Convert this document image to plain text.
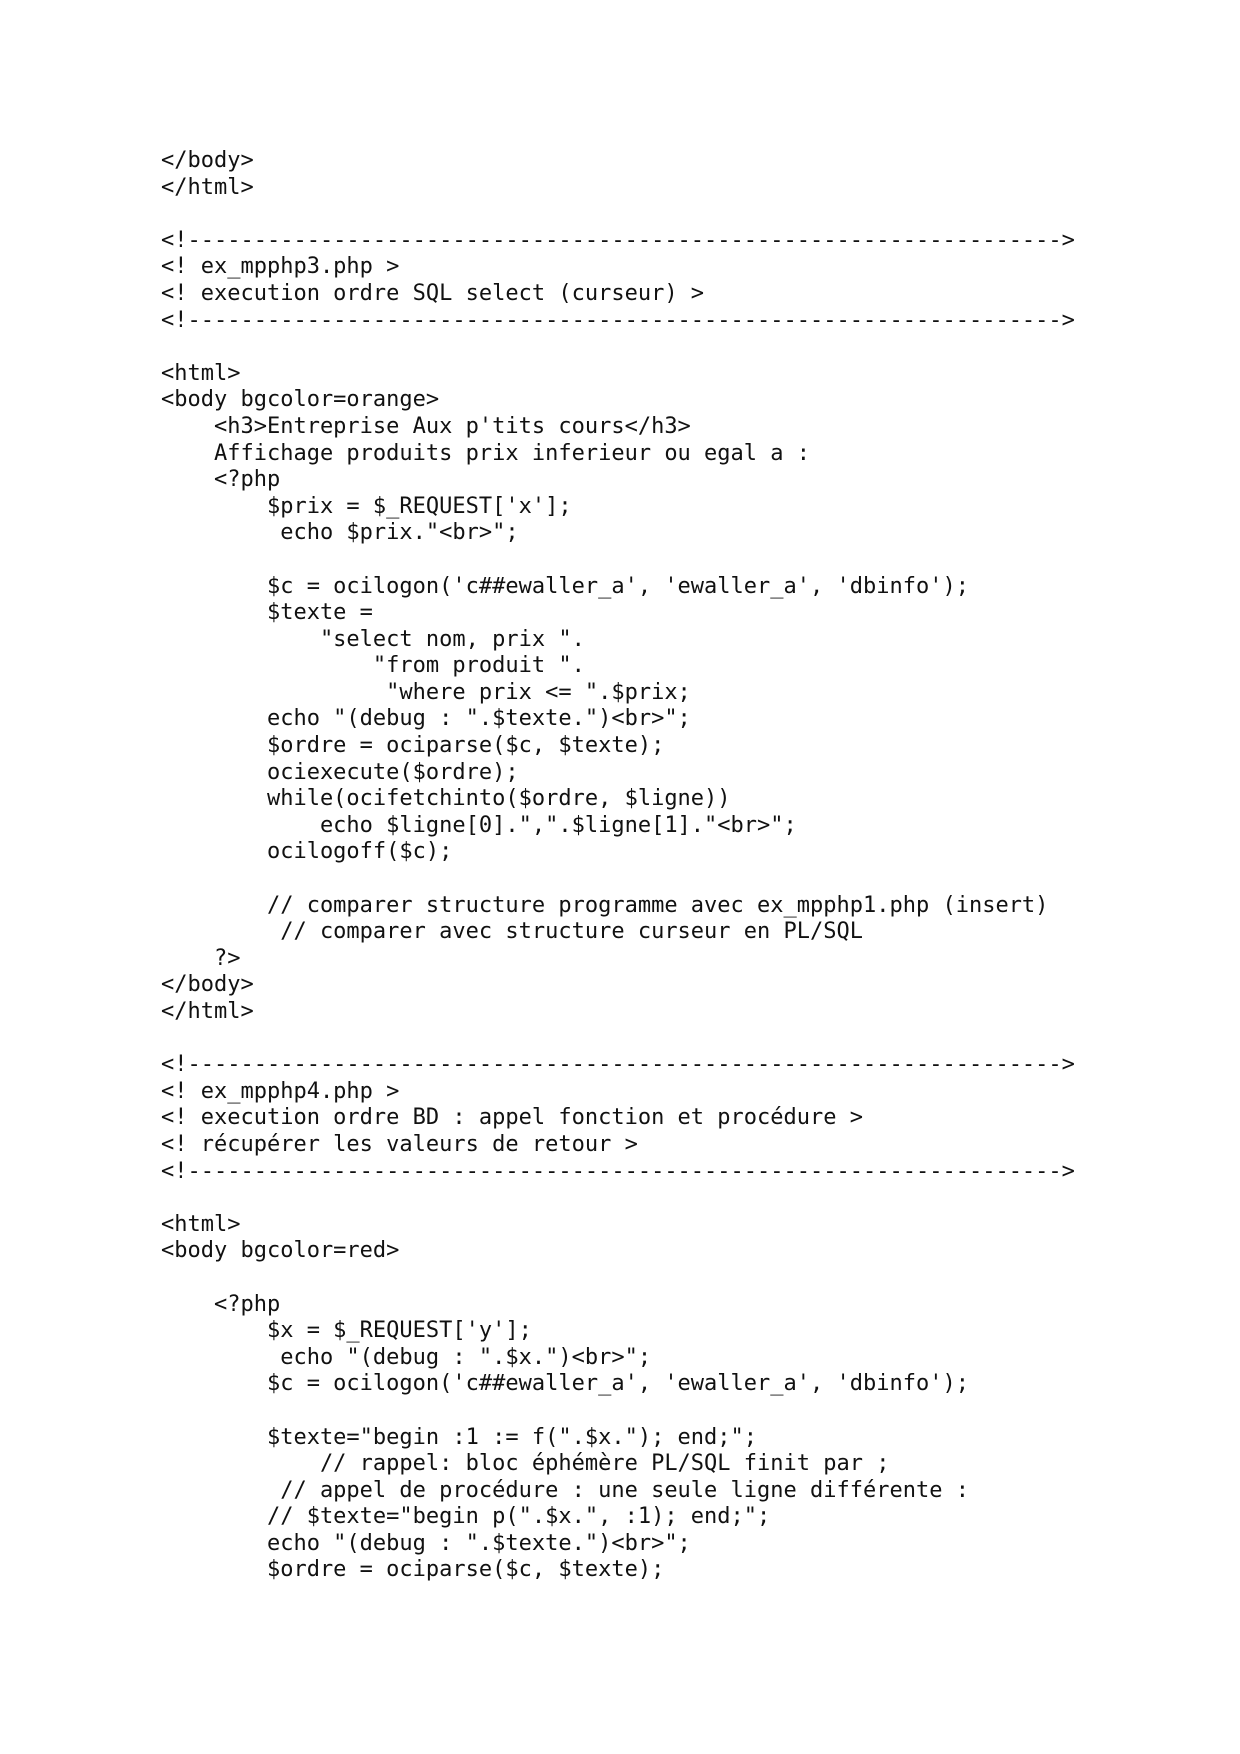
</body>
</html>
<!------------------------------------------------------------------>
<! ex_mpphp3.php >
<! execution ordre SQL select (curseur) >
<!------------------------------------------------------------------>
<html>
<body bgcolor=orange>
<h3>Entreprise Aux p'tits cours</h3>
Affichage produits prix inferieur ou egal a :
<?php
$prix = $_REQUEST['x'];
echo $prix."<br>";
$c = ocilogon('c##ewaller_a', 'ewaller_a', 'dbinfo');
$texte =
"select nom, prix ".
"from produit ".
"where prix <= ".$prix;
echo "(debug : ".$texte.")<br>";
$ordre = ociparse($c, $texte);
ociexecute($ordre);
while(ocifetchinto($ordre, $ligne))
echo $ligne[0].",".$ligne[1]."<br>";
ocilogoff($c);
// comparer structure programme avec ex_mpphp1.php (insert)
// comparer avec structure curseur en PL/SQL
?>
</body>
</html>
<!------------------------------------------------------------------>
<! ex_mpphp4.php >
<! execution ordre BD : appel fonction et procédure >
<! récupérer les valeurs de retour >
<!------------------------------------------------------------------>
<html>
<body bgcolor=red>
<?php
$x = $_REQUEST['y'];
echo "(debug : ".$x.")<br>";
$c = ocilogon('c##ewaller_a', 'ewaller_a', 'dbinfo');
$texte="begin :1 := f(".$x."); end;";
// rappel: bloc éphémère PL/SQL finit par ;
// appel de procédure : une seule ligne différente :
// $texte="begin p(".$x.", :1); end;";
echo "(debug : ".$texte.")<br>";
$ordre = ociparse($c, $texte);
